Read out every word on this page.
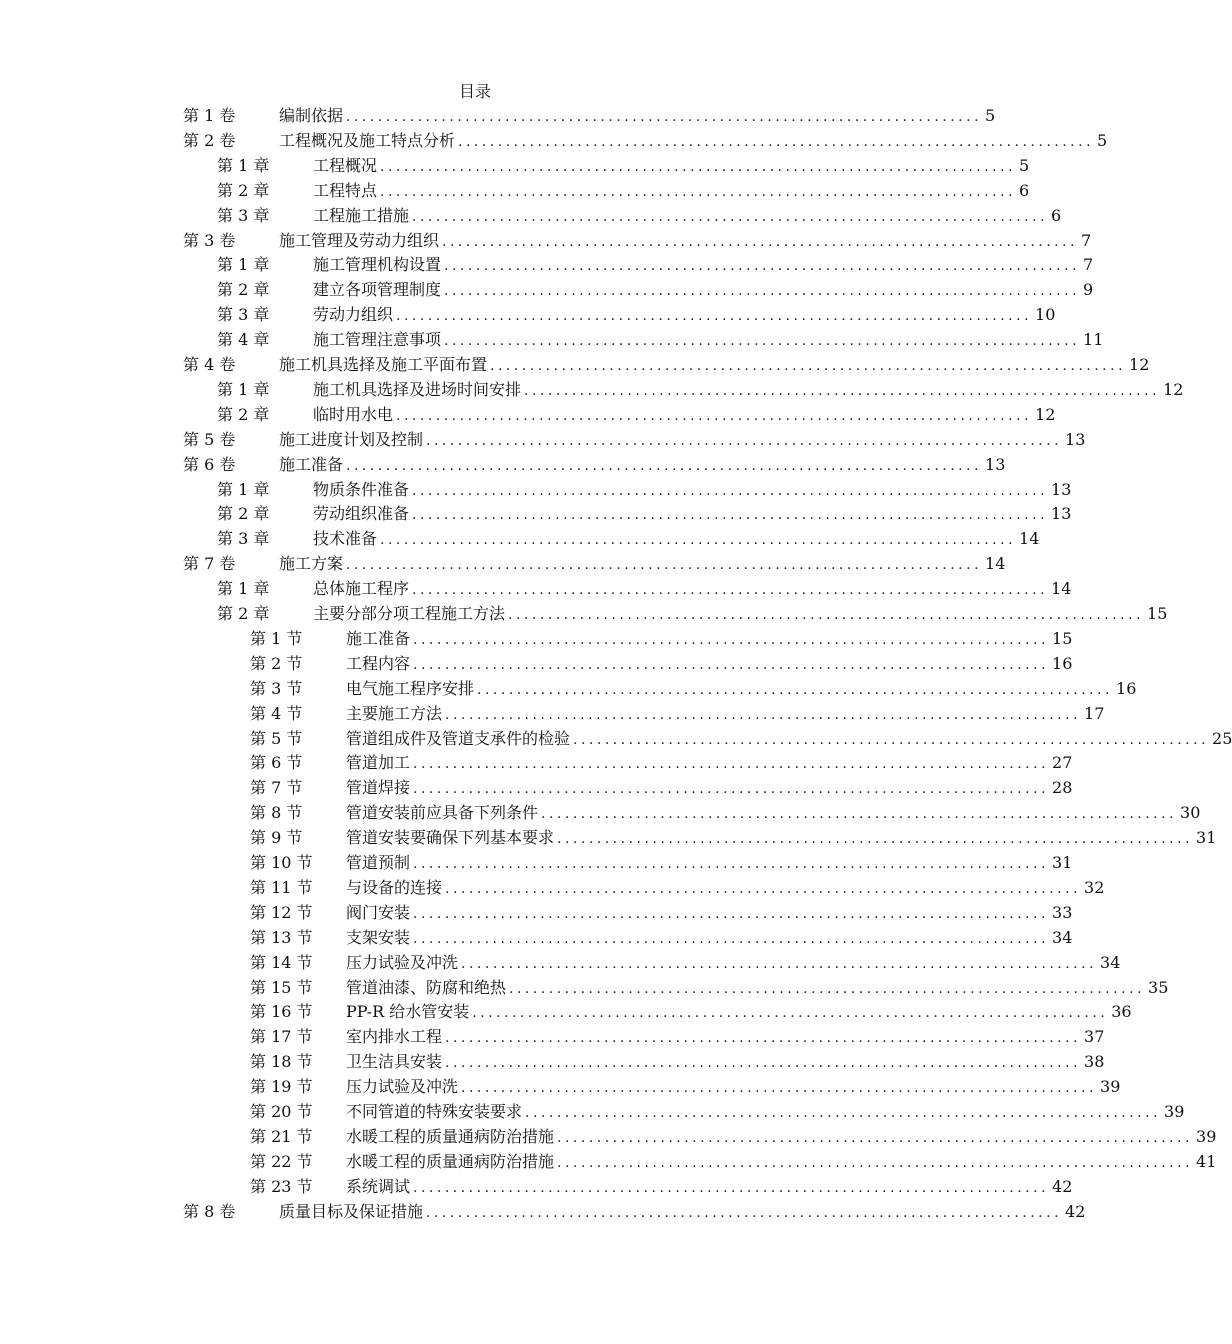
目录
第 1 卷	编制依据 ................................................................................ 5
第 2 卷	工程概况及施工特点分析 ................................................................................ 5
第 1 章	工程概况 ................................................................................ 5
第 2 章	工程特点 ................................................................................ 6
第 3 章	工程施工措施 ................................................................................ 6
第 3 卷	施工管理及劳动力组织 ................................................................................ 7
第 1 章	施工管理机构设置 ................................................................................ 7
第 2 章	建立各项管理制度 ................................................................................ 9
第 3 章	劳动力组织 ................................................................................ 10
第 4 章	施工管理注意事项 ................................................................................ 11
第 4 卷	施工机具选择及施工平面布置 ................................................................................ 12
第 1 章	施工机具选择及进场时间安排 ................................................................................ 12
第 2 章	临时用水电 ................................................................................ 12
第 5 卷	施工进度计划及控制 ................................................................................ 13
第 6 卷	施工准备 ................................................................................ 13
第 1 章	物质条件准备 ................................................................................ 13
第 2 章	劳动组织准备 ................................................................................ 13
第 3 章	技术准备 ................................................................................ 14
第 7 卷	施工方案 ................................................................................ 14
第 1 章	总体施工程序 ................................................................................ 14
第 2 章	主要分部分项工程施工方法 ................................................................................ 15
第 1 节	施工准备 ................................................................................ 15
第 2 节	工程内容 ................................................................................ 16
第 3 节	电气施工程序安排 ................................................................................ 16
第 4 节	主要施工方法 ................................................................................ 17
第 5 节	管道组成件及管道支承件的检验 ................................................................................ 25
第 6 节	管道加工 ................................................................................ 27
第 7 节	管道焊接 ................................................................................ 28
第 8 节	管道安装前应具备下列条件 ................................................................................ 30
第 9 节	管道安装要确保下列基本要求 ................................................................................ 31
第 10 节	管道预制 ................................................................................ 31
第 11 节	与设备的连接 ................................................................................ 32
第 12 节	阀门安装 ................................................................................ 33
第 13 节	支架安装 ................................................................................ 34
第 14 节	压力试验及冲洗 ................................................................................ 34
第 15 节	管道油漆、防腐和绝热 ................................................................................ 35
第 16 节	PP-R 给水管安装 ................................................................................ 36
第 17 节	室内排水工程 ................................................................................ 37
第 18 节	卫生洁具安装 ................................................................................ 38
第 19 节	压力试验及冲洗 ................................................................................ 39
第 20 节	不同管道的特殊安装要求 ................................................................................ 39
第 21 节	水暖工程的质量通病防治措施 ................................................................................ 39
第 22 节	水暖工程的质量通病防治措施 ................................................................................ 41
第 23 节	系统调试 ................................................................................ 42
第 8 卷	质量目标及保证措施 ................................................................................ 42
